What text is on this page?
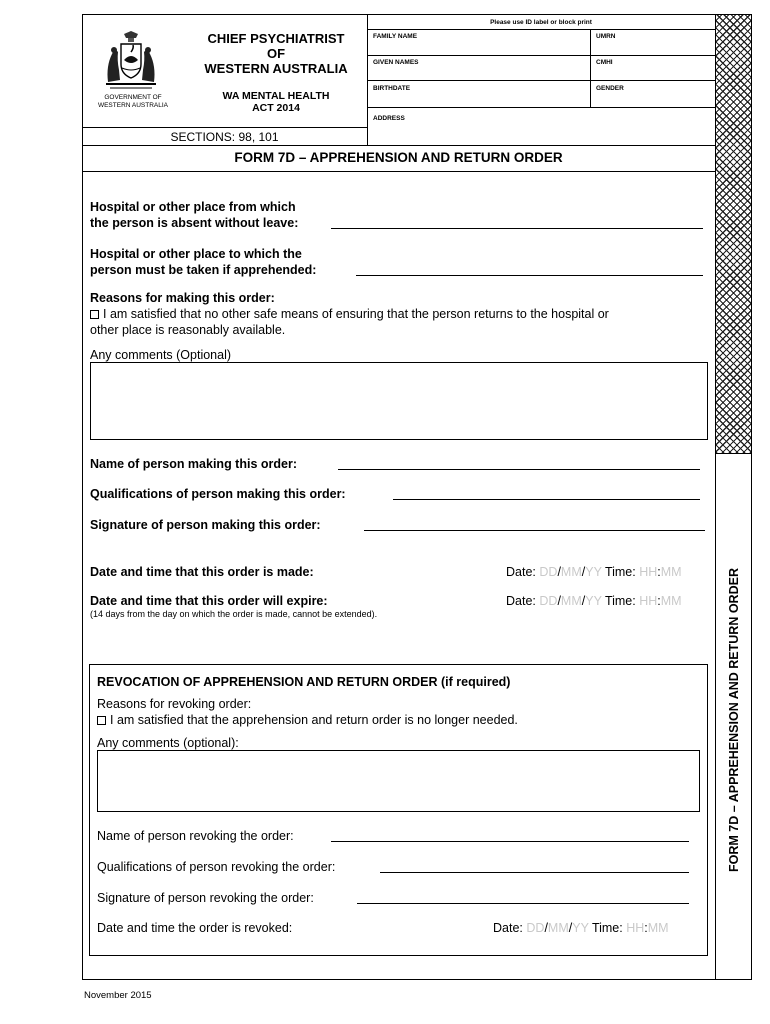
GOVERNMENT OF WESTERN AUSTRALIA
CHIEF PSYCHIATRIST
OF
WESTERN AUSTRALIA
WA MENTAL HEALTH
ACT 2014
SECTIONS: 98, 101
Please use ID label or block print
FAMILY NAME	UMRN
GIVEN NAMES	CMHI
BIRTHDATE	GENDER
ADDRESS
FORM 7D – APPREHENSION AND RETURN ORDER
Hospital or other place from which
the person is absent without leave:
Hospital or other place to which the
person must be taken if apprehended:
Reasons for making this order:
I am satisfied that no other safe means of ensuring that the person returns to the hospital or
other place is reasonably available.
Any comments (Optional)
Name of person making this order:
Qualifications of person making this order:
Signature of person making this order:
Date and time that this order is made:	Date: DD/MM/YY Time: HH:MM
Date and time that this order will expire:	Date: DD/MM/YY Time: HH:MM
(14 days from the day on which the order is made, cannot be extended).
REVOCATION OF APPREHENSION AND RETURN ORDER (if required)
Reasons for revoking order:
I am satisfied that the apprehension and return order is no longer needed.
Any comments (optional):
Name of person revoking the order:
Qualifications of person revoking the order:
Signature of person revoking the order:
Date and time the order is revoked:	Date: DD/MM/YY Time: HH:MM
FORM 7D – APPREHENSION AND RETURN ORDER
November 2015
